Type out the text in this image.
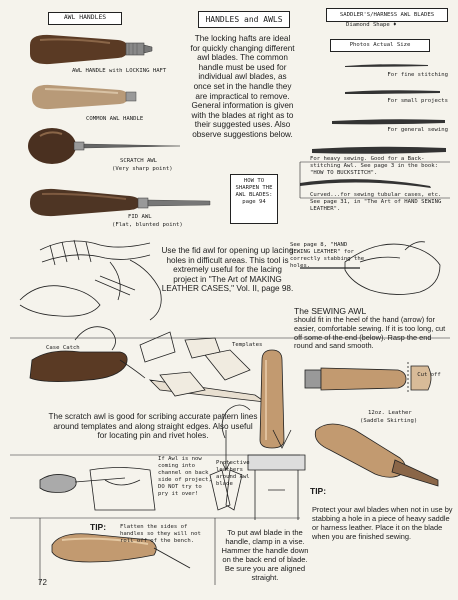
AWL HANDLES	HANDLES and AWLS	SADDLER'S/HARNESS AWL BLADES
Diamond Shape ♦
Photos Actual Size
AWL HANDLE with LOCKING HAFT
COMMON AWL HANDLE
SCRATCH AWL
(Very sharp point)
FID AWL
(Flat, blunted point)
The locking hafts are ideal for quickly changing different awl blades. The common handle must be used for individual awl blades, as once set in the handle they are impractical to remove. General information is given with the blades at right as to their suggested uses. Also observe suggestions below.
For fine stitching
For small projects
For general sewing
For heavy sewing. Good for a Back-stitching Awl. See page 3 in the book: "HOW TO BUCKSTITCH".
Curved...for sewing tubular cases, etc. See page 31, in "The Art of HAND SEWING LEATHER".
HOW TO SHARPEN THE AWL BLADES: page 94
Use the fid awl for opening up lacing holes in difficult areas. This tool is extremely useful for the lacing project in "The Art of MAKING LEATHER CASES," Vol. II, page 98.
See page 8, "HAND SEWING LEATHER" for correctly stabbing the holes.
The SEWING AWL
should fit in the heel of the hand (arrow) for easier, comfortable sewing. If it is too long, cut off some of the end (below). Rasp the end round and sand smooth.
Case Catch	Templates
Cut off
12oz. Leather
(Saddle Skirting)
Protective leathers around Awl blade
The scratch awl is good for scribing accurate pattern lines around templates and along straight edges. Also useful for locating pin and rivet holes.
If Awl is now coming into channel on back side of project, DO NOT try to pry it over!
TIP: Flatten the sides of handles so they will not roll off of the bench.
To put awl blade in the handle, clamp in a vise. Hammer the handle down on the back end of blade. Be sure you are aligned straight.
TIP:
Protect your awl blades when not in use by stabbing a hole in a piece of heavy saddle or harness leather. Place it on the blade when you are finished sewing.
72
